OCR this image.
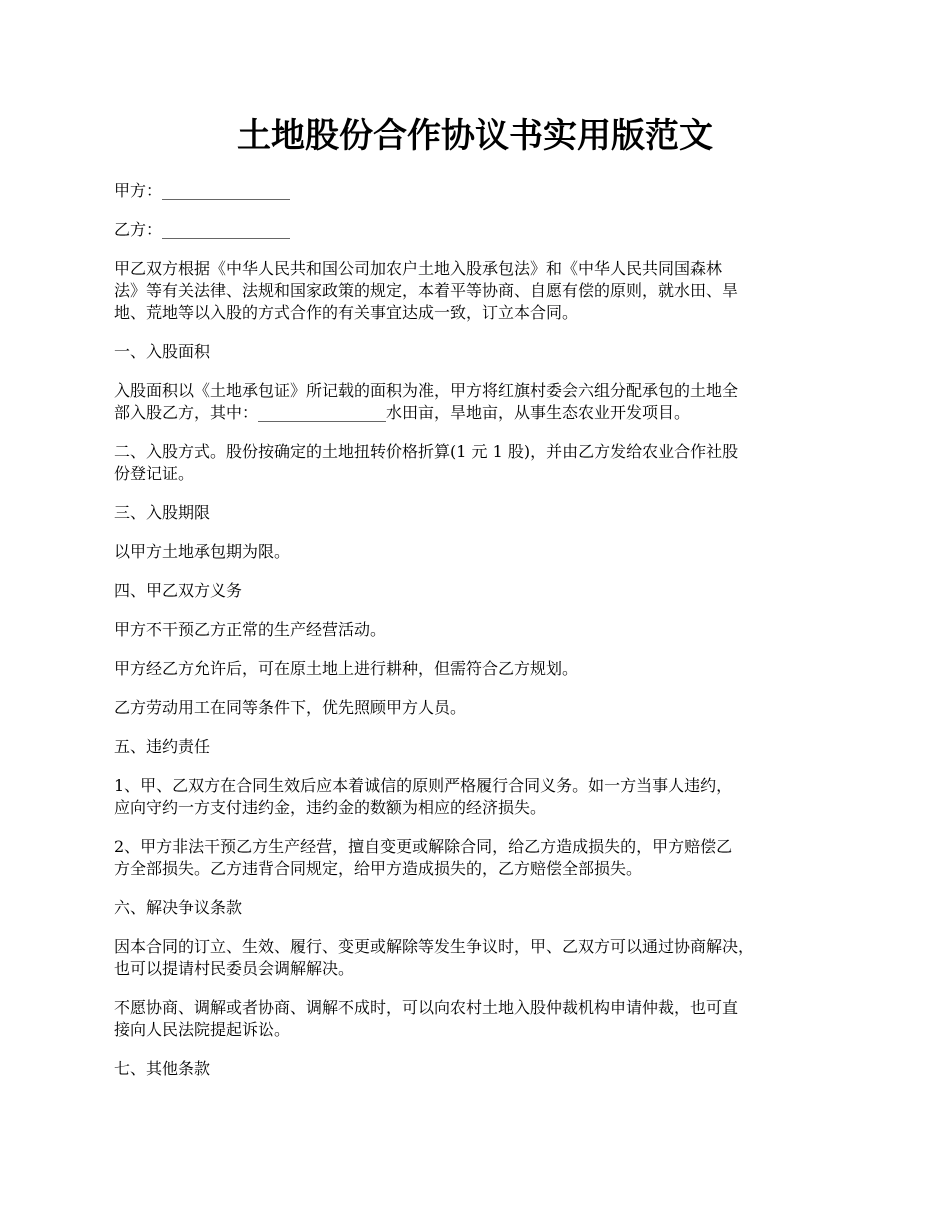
土地股份合作协议书实用版范文

甲方：________________

乙方：________________

甲乙双方根据《中华人民共和国公司加农户土地入股承包法》和《中华人民共同国森林
法》等有关法律、法规和国家政策的规定，本着平等协商、自愿有偿的原则，就水田、旱
地、荒地等以入股的方式合作的有关事宜达成一致，订立本合同。

一、入股面积

入股面积以《土地承包证》所记载的面积为准，甲方将红旗村委会六组分配承包的土地全
部入股乙方，其中：________________水田亩，旱地亩，从事生态农业开发项目。

二、入股方式。股份按确定的土地扭转价格折算(1 元 1 股)，并由乙方发给农业合作社股
份登记证。

三、入股期限

以甲方土地承包期为限。

四、甲乙双方义务

甲方不干预乙方正常的生产经营活动。

甲方经乙方允许后，可在原土地上进行耕种，但需符合乙方规划。

乙方劳动用工在同等条件下，优先照顾甲方人员。

五、违约责任

1、甲、乙双方在合同生效后应本着诚信的原则严格履行合同义务。如一方当事人违约，
应向守约一方支付违约金，违约金的数额为相应的经济损失。

2、甲方非法干预乙方生产经营，擅自变更或解除合同，给乙方造成损失的，甲方赔偿乙
方全部损失。乙方违背合同规定，给甲方造成损失的，乙方赔偿全部损失。

六、解决争议条款

因本合同的订立、生效、履行、变更或解除等发生争议时，甲、乙双方可以通过协商解决，
也可以提请村民委员会调解解决。

不愿协商、调解或者协商、调解不成时，可以向农村土地入股仲裁机构申请仲裁，也可直
接向人民法院提起诉讼。

七、其他条款
